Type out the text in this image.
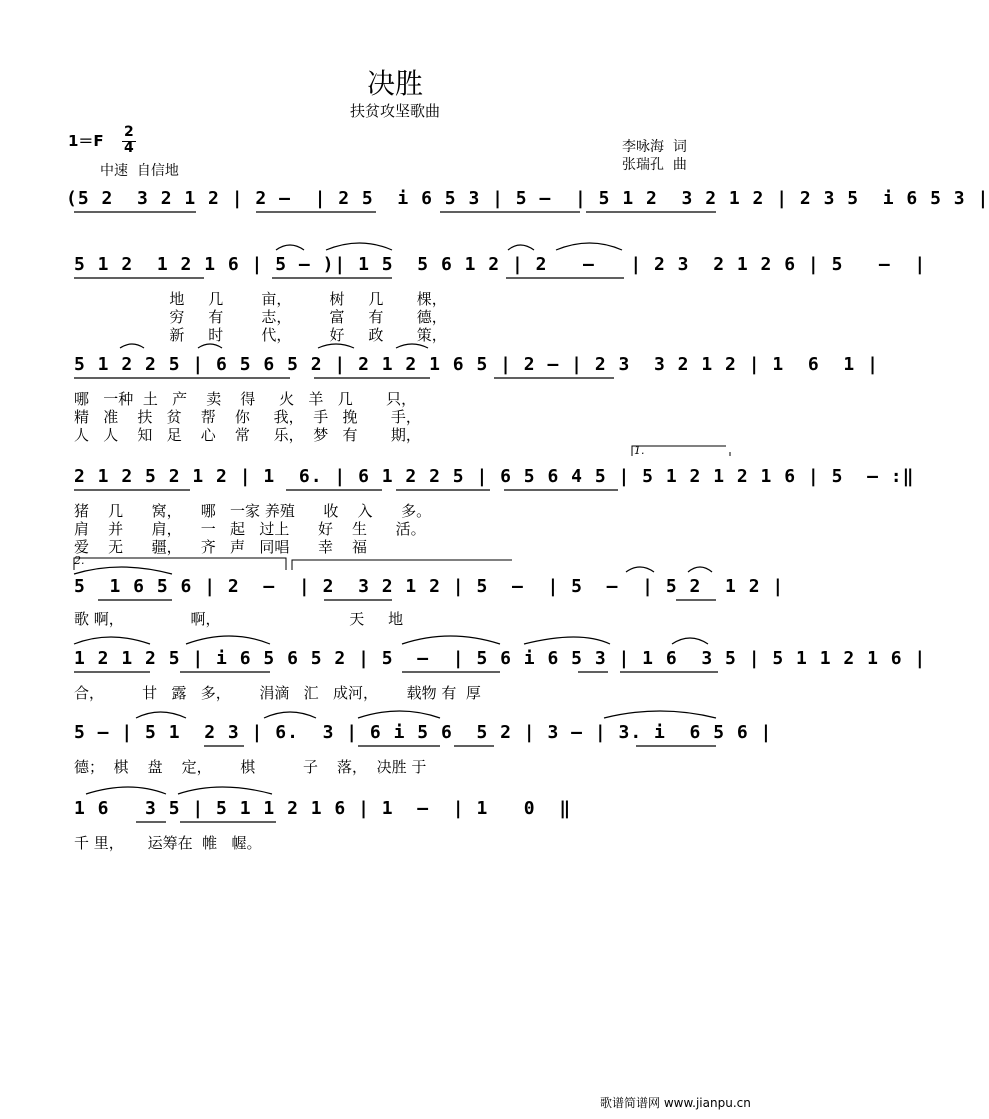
决胜
扶贫攻坚歌曲
1＝F 2
4
中速  自信地
李咏海  词
张瑞孔  曲
(5 2  3 2 1 2 | 2 –  | 2 5  i 6 5 3 | 5 –  | 5 1 2  3 2 1 2 | 2 3 5  i 6 5 3 |
5 1 2  1 2 1 6 | 5 – )| 1 5  5 6 1 2 | 2   –   | 2 3  2 1 2 6 | 5   –  |
地     几        亩，        树     几       棵，
穷     有        志，        富     有       德，
新     时        代，        好     政       策，
5 1 2 2 5 | 6 5 6 5 2 | 2 1 2 1 6 5 | 2 – | 2 3  3 2 1 2 | 1  6  1 |
哪   一种  土   产    卖    得     火   羊   几       只，
精   准    扶   贫    帮    你     我，  手   挽       手，
人   人    知   足    心    常     乐，  梦   有       期，
2 1 2 5 2 1 2 | 1  6. | 6 1 2 2 5 | 6 5 6 4 5 | 5 1 2 1 2 1 6 | 5  – :‖
猪    几      窝，    哪   一家 养殖      收    入      多。
肩    并      肩，    一   起   过上      好    生      活。
爱    无      疆，    齐   声   同唱      幸    福
1.
2.
5  1 6 5 6 | 2  –  | 2  3 2 1 2 | 5  –  | 5  –  | 5 2  1 2 |
歌 啊，              啊，                           天     地
1 2 1 2 5 | i 6 5 6 5 2 | 5  –  | 5 6 i 6 5 3 | 1 6  3 5 | 5 1 1 2 1 6 |
合，        甘   露   多，      涓滴   汇   成河，      载物 有  厚
5 – | 5 1  2 3 | 6.  3 | 6 i 5 6  5 2 | 3 – | 3. i  6 5 6 |
德；  棋    盘    定，      棋          子    落，  决胜 于
1 6   3 5 | 5 1 1 2 1 6 | 1  –  | 1   0  ‖
千 里，     运筹在  帷   幄。
歌谱简谱网 www.jianpu.cn
